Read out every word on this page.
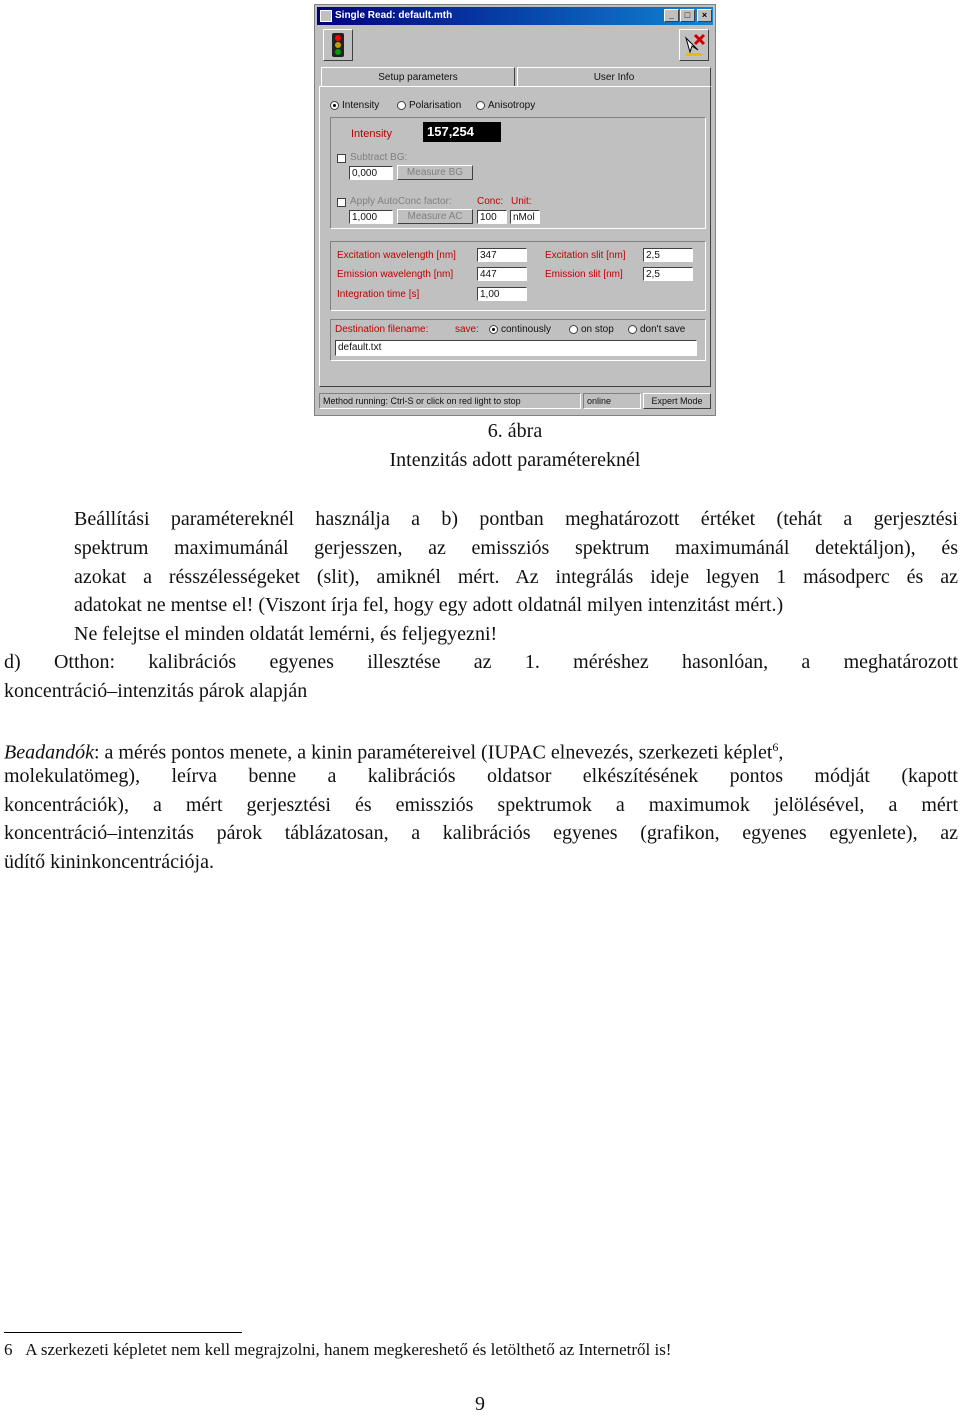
Single Read: default.mth	_	□	×
Setup parameters	User Info
Intensity	Polarisation	Anisotropy
Intensity	157,254
Subtract BG:
0,000	Measure BG
Apply AutoConc factor:	Conc: Unit:
1,000	Measure AC	100	nMol
Excitation wavelength [nm]	347	Excitation slit [nm]	2,5
Emission wavelength [nm]	447	Emission slit [nm]	2,5
Integration time [s]	1,00
Destination filename:	save: continously	on stop	don't save
default.txt
Method running: Ctrl-S or click on red light to stop	online	Expert Mode
6. ábra
Intenzitás adott paramétereknél
Beállítási paramétereknél használja a b) pontban meghatározott értéket (tehát a gerjesztési
spektrum maximumánál gerjesszen, az emissziós spektrum maximumánál detektáljon), és
azokat a résszélességeket (slit), amiknél mért. Az integrálás ideje legyen 1 másodperc és az
adatokat ne mentse el! (Viszont írja fel, hogy egy adott oldatnál milyen intenzitást mért.)
Ne felejtse el minden oldatát lemérni, és feljegyezni!
d) Otthon: kalibrációs egyenes illesztése az 1. méréshez hasonlóan, a meghatározott
koncentráció–intenzitás párok alapján
Beadandók: a mérés pontos menete, a kinin paramétereivel (IUPAC elnevezés, szerkezeti képlet$^6$,
molekulatömeg), leírva benne a kalibrációs oldatsor elkészítésének pontos módját (kapott
koncentrációk), a mért gerjesztési és emissziós spektrumok a maximumok jelölésével, a mért
koncentráció–intenzitás párok táblázatosan, a kalibrációs egyenes (grafikon, egyenes egyenlete), az
üdítő kininkoncentrációja.
6 A szerkezeti képletet nem kell megrajzolni, hanem megkereshető és letölthető az Internetről is!
9
